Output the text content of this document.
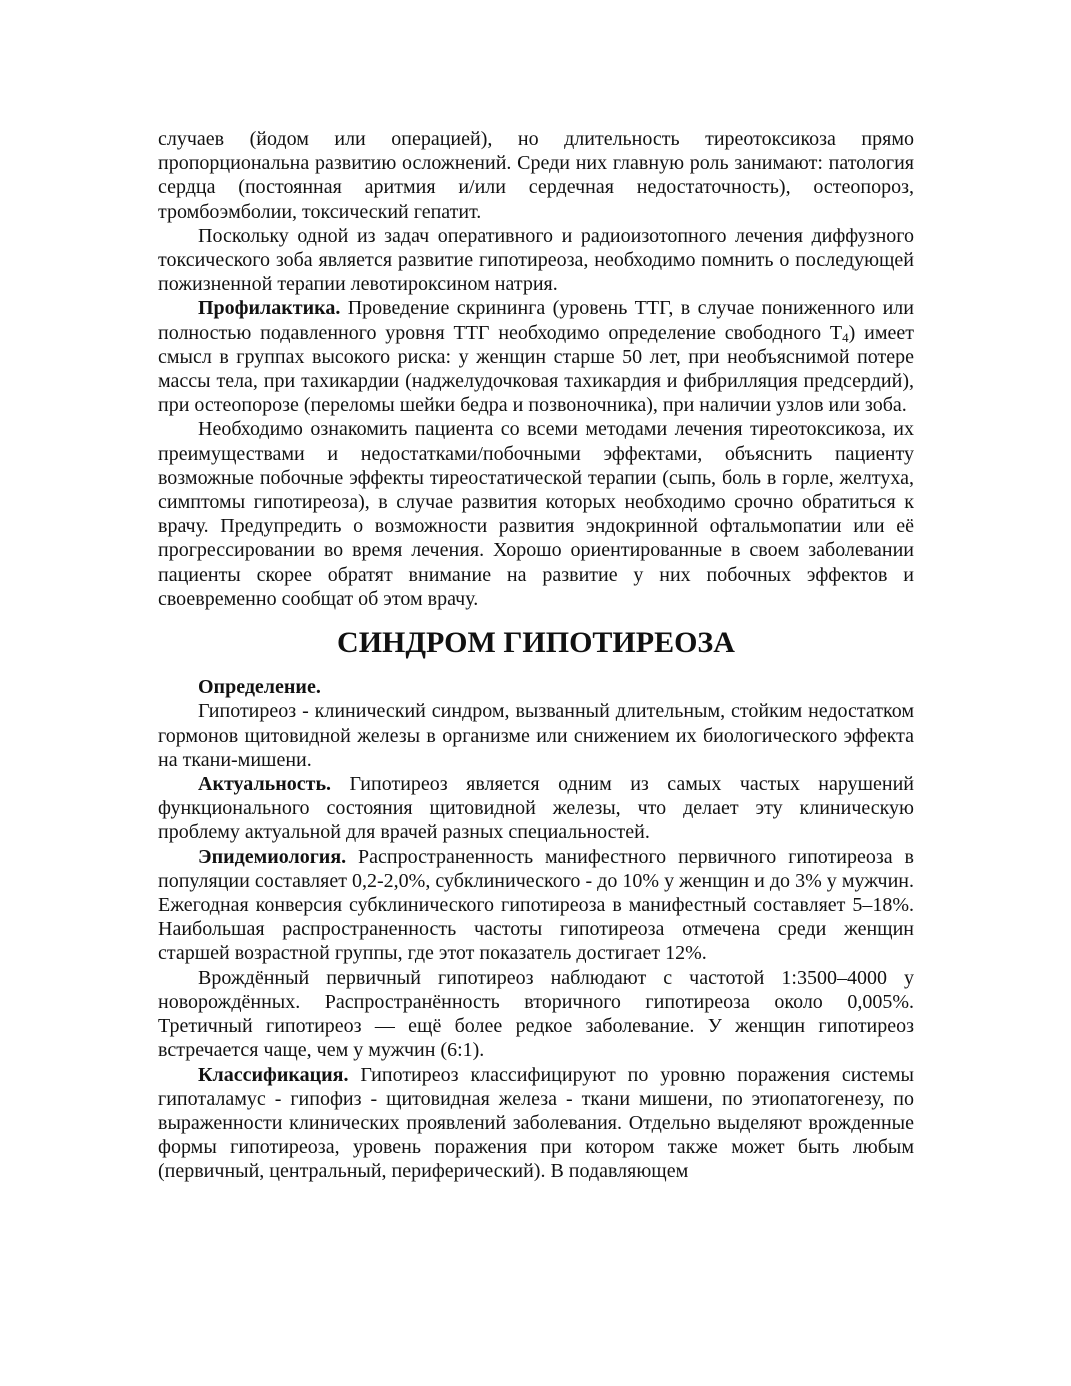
случаев (йодом или операцией), но длительность тиреотоксикоза прямо пропорциональна развитию осложнений. Среди них главную роль занимают: патология сердца (постоянная аритмия и/или сердечная недостаточность), остеопороз, тромбоэмболии, токсический гепатит.

Поскольку одной из задач оперативного и радиоизотопного лечения диффузного токсического зоба является развитие гипотиреоза, необходимо помнить о последующей пожизненной терапии левотироксином натрия.

Профилактика. Проведение скрининга (уровень ТТГ, в случае пониженного или полностью подавленного уровня ТТГ необходимо определение свободного $Т_4$) имеет смысл в группах высокого риска: у женщин старше 50 лет, при необъяснимой потере массы тела, при тахикардии (наджелудочковая тахикардия и фибрилляция предсердий), при остеопорозе (переломы шейки бедра и позвоночника), при наличии узлов или зоба.

Необходимо ознакомить пациента со всеми методами лечения тиреотоксикоза, их преимуществами и недостатками/побочными эффектами, объяснить пациенту возможные побочные эффекты тиреостатической терапии (сыпь, боль в горле, желтуха, симптомы гипотиреоза), в случае развития которых необходимо срочно обратиться к врачу. Предупредить о возможности развития эндокринной офтальмопатии или её прогрессировании во время лечения. Хорошо ориентированные в своем заболевании пациенты скорее обратят внимание на развитие у них побочных эффектов и своевременно сообщат об этом врачу.

СИНДРОМ ГИПОТИРЕОЗА

Определение.

Гипотиреоз - клинический синдром, вызванный длительным, стойким недостатком гормонов щитовидной железы в организме или снижением их биологического эффекта на ткани-мишени.

Актуальность. Гипотиреоз является одним из самых частых нарушений функционального состояния щитовидной железы, что делает эту клиническую проблему актуальной для врачей разных специальностей.

Эпидемиология. Распространенность манифестного первичного гипотиреоза в популяции составляет 0,2-2,0%, субклинического - до 10% у женщин и до 3% у мужчин. Ежегодная конверсия субклинического гипотиреоза в манифестный составляет 5–18%. Наибольшая распространенность частоты гипотиреоза отмечена среди женщин старшей возрастной группы, где этот показатель достигает 12%.

Врождённый первичный гипотиреоз наблюдают с частотой 1:3500–4000 у новорождённых. Распространённость вторичного гипотиреоза около 0,005%. Третичный гипотиреоз — ещё более редкое заболевание. У женщин гипотиреоз встречается чаще, чем у мужчин (6:1).

Классификация. Гипотиреоз классифицируют по уровню поражения системы гипоталамус - гипофиз - щитовидная железа - ткани мишени, по этиопатогенезу, по выраженности клинических проявлений заболевания. Отдельно выделяют врожденные формы гипотиреоза, уровень поражения при котором также может быть любым (первичный, центральный, периферический). В подавляющем
